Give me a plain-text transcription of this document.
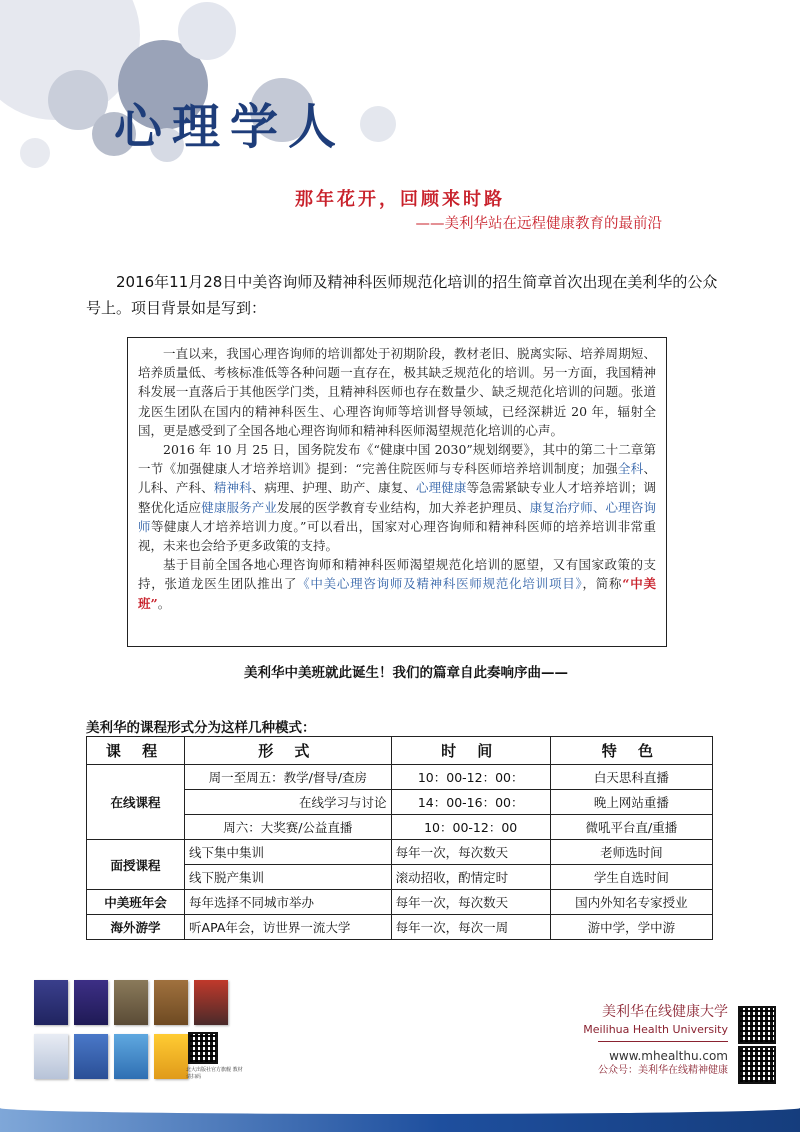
心理学人
那年花开，回顾来时路
——美利华站在远程健康教育的最前沿

2016年11月28日中美咨询师及精神科医师规范化培训的招生简章首次出现在美利华的公众号上。项目背景如是写到：

一直以来，我国心理咨询师的培训都处于初期阶段，教材老旧、脱离实际、培养周期短、培养质量低、考核标准低等各种问题一直存在，极其缺乏规范化的培训。另一方面，我国精神科发展一直落后于其他医学门类，且精神科医师也存在数量少、缺乏规范化培训的问题。张道龙医生团队在国内的精神科医生、心理咨询师等培训督导领域，已经深耕近 20 年，辐射全国，更是感受到了全国各地心理咨询师和精神科医师渴望规范化培训的心声。

2016 年 10 月 25 日，国务院发布《“健康中国 2030”规划纲要》，其中的第二十二章第一节《加强健康人才培养培训》提到：“完善住院医师与专科医师培养培训制度；加强全科、儿科、产科、精神科、病理、护理、助产、康复、心理健康等急需紧缺专业人才培养培训；调整优化适应健康服务产业发展的医学教育专业结构，加大养老护理员、康复治疗师、心理咨询师等健康人才培养培训力度。”可以看出，国家对心理咨询师和精神科医师的培养培训非常重视，未来也会给予更多政策的支持。

基于目前全国各地心理咨询师和精神科医师渴望规范化培训的愿望，又有国家政策的支持，张道龙医生团队推出了《中美心理咨询师及精神科医师规范化培训项目》，简称“中美班”。

美利华中美班就此诞生！我们的篇章自此奏响序曲——
美利华的课程形式分为这样几种模式：
课 程	形 式	时 间	特 色
在线课程	周一至周五：教学/督导/查房	10：00-12：00：	白天思科直播
	在线学习与讨论	14：00-16：00：	晚上网站重播
	周六：大奖赛/公益直播	10：00-12：00	微吼平台直/重播
面授课程	线下集中集训	每年一次，每次数天	老师选时间
	线下脱产集训	滚动招收，酌情定时	学生自选时间
中美班年会	每年选择不同城市举办	每年一次，每次数天	国内外知名专家授业
海外游学	听APA年会，访世界一流大学	每年一次，每次一周	游中学，学中游
北大出版社官方旗舰 教材请扫码
美利华在线健康大学
Meilihua Health University
www.mhealthu.com
公众号：美利华在线精神健康
